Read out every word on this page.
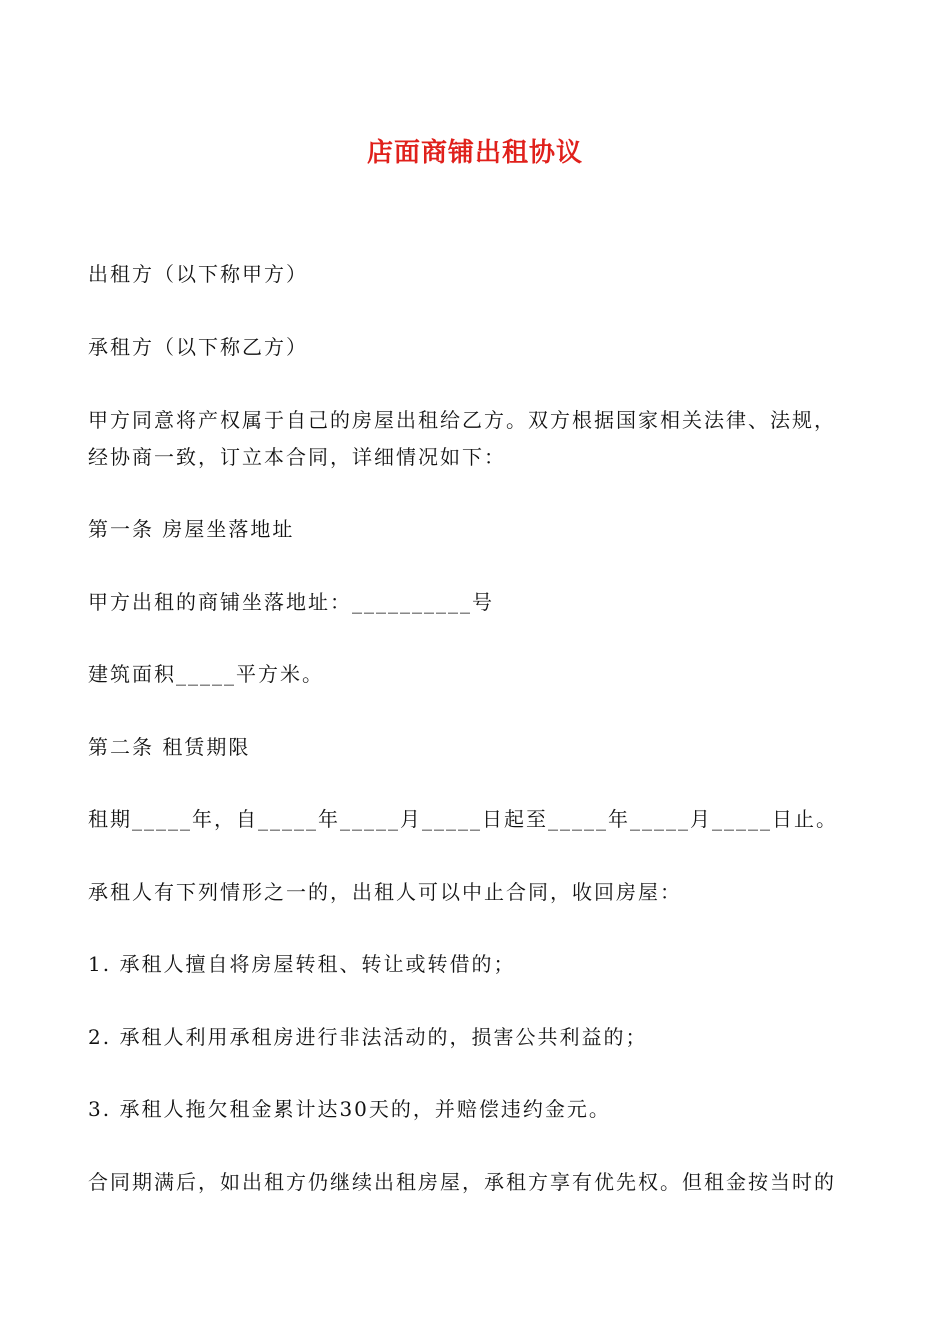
店面商铺出租协议
出租方（以下称甲方）
承租方（以下称乙方）
甲方同意将产权属于自己的房屋出租给乙方。双方根据国家相关法律、法规，
经协商一致，订立本合同，详细情况如下：
第一条 房屋坐落地址
甲方出租的商铺坐落地址：__________号
建筑面积_____平方米。
第二条 租赁期限
租期_____年，自_____年_____月_____日起至_____年_____月_____日止。
承租人有下列情形之一的，出租人可以中止合同，收回房屋：
1. 承租人擅自将房屋转租、转让或转借的；
2. 承租人利用承租房进行非法活动的，损害公共利益的；
3. 承租人拖欠租金累计达30天的，并赔偿违约金元。
合同期满后，如出租方仍继续出租房屋，承租方享有优先权。但租金按当时的
